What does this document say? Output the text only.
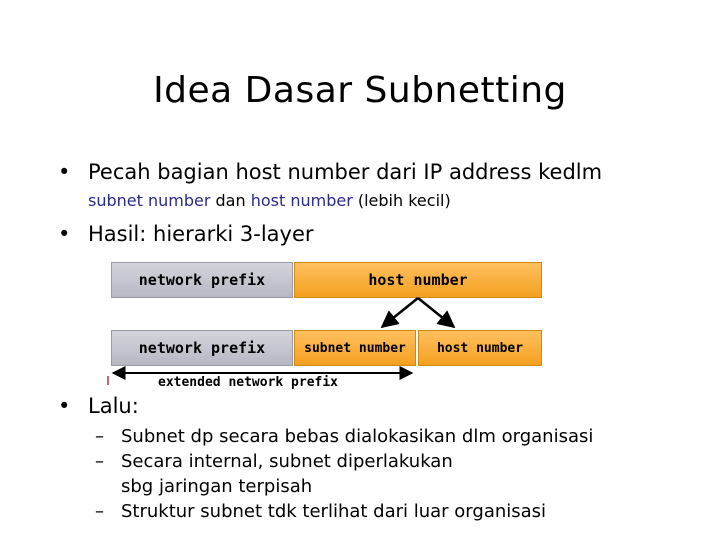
Idea Dasar Subnetting
• Pecah bagian host number dari IP address kedlm
subnet number dan host number (lebih kecil)
• Hasil: hierarki 3-layer
network prefix	host number
network prefix	subnet number	host number
extended network prefix
• Lalu:
– Subnet dp secara bebas dialokasikan dlm organisasi
– Secara internal, subnet diperlakukan sbg jaringan terpisah
– Struktur subnet tdk terlihat dari luar organisasi
